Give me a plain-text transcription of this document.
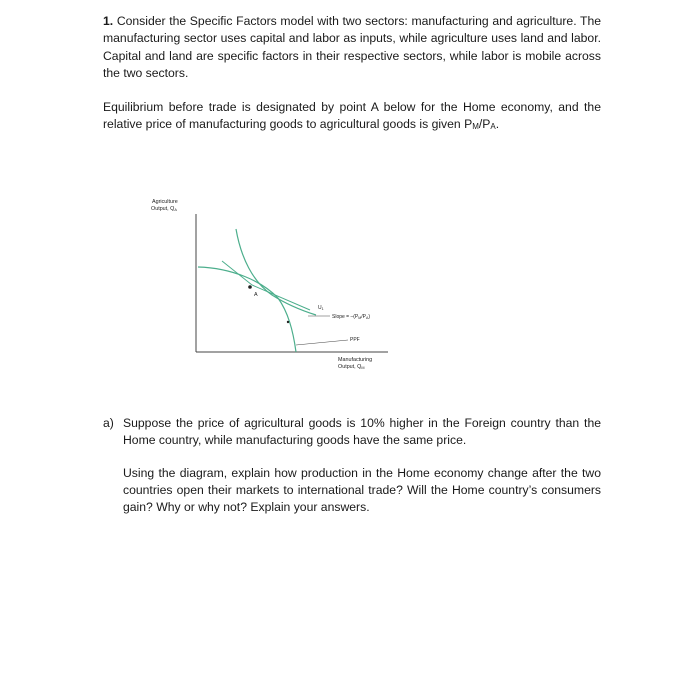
1. Consider the Specific Factors model with two sectors: manufacturing and agriculture. The manufacturing sector uses capital and labor as inputs, while agriculture uses land and labor. Capital and land are specific factors in their respective sectors, while labor is mobile across the two sectors.

Equilibrium before trade is designated by point A below for the Home economy, and the relative price of manufacturing goods to agricultural goods is given PM/PA.

Agriculture
Output, QA
A
$U_1$
Slope = $-(P_M/P_A)$
PPF
Manufacturing
Output, QM
a) Suppose the price of agricultural goods is 10% higher in the Foreign country than the Home country, while manufacturing goods have the same price.

Using the diagram, explain how production in the Home economy change after the two countries open their markets to international trade? Will the Home country’s consumers gain? Why or why not? Explain your answers.
